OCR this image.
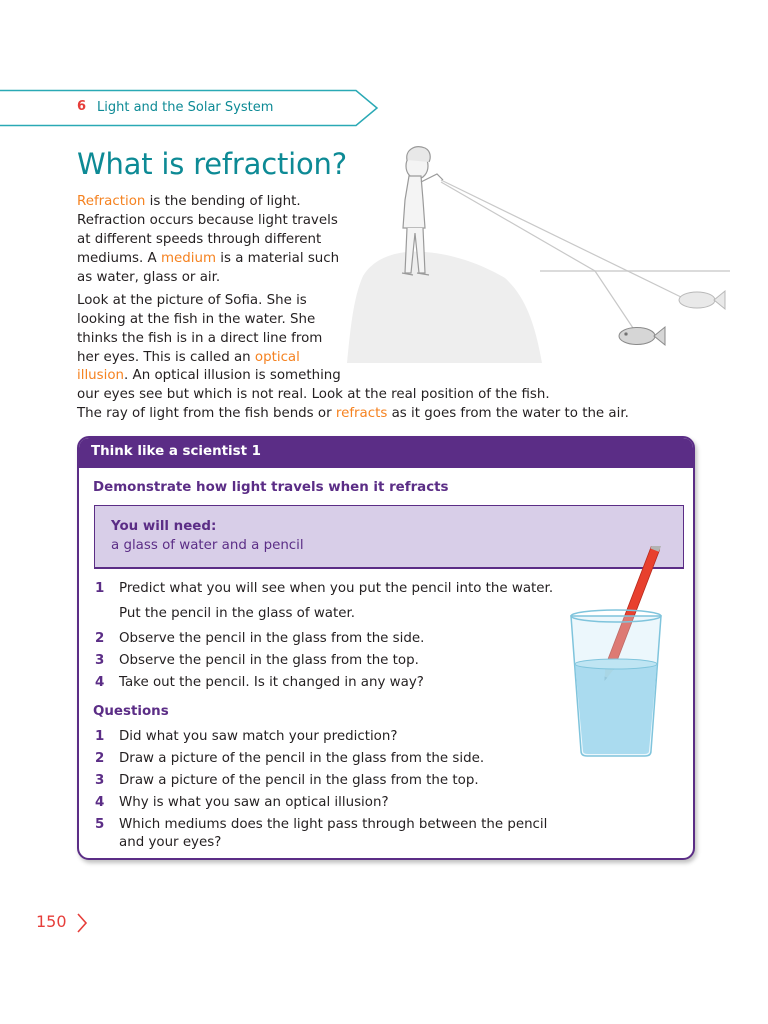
6 Light and the Solar System
What is refraction?
Refraction is the bending of light.
Refraction occurs because light travels
at different speeds through different
mediums. A medium is a material such
as water, glass or air.
Look at the picture of Sofia. She is
looking at the fish in the water. She
thinks the fish is in a direct line from
her eyes. This is called an optical
illusion. An optical illusion is something
our eyes see but which is not real. Look at the real position of the fish.
The ray of light from the fish bends or refracts as it goes from the water to the air.
Think like a scientist 1
Demonstrate how light travels when it refracts
You will need:
a glass of water and a pencil
1 Predict what you will see when you put the pencil into the water.
Put the pencil in the glass of water.
2 Observe the pencil in the glass from the side.
3 Observe the pencil in the glass from the top.
4 Take out the pencil. Is it changed in any way?
Questions
1 Did what you saw match your prediction?
2 Draw a picture of the pencil in the glass from the side.
3 Draw a picture of the pencil in the glass from the top.
4 Why is what you saw an optical illusion?
5 Which mediums does the light pass through between the pencil
and your eyes?
150
